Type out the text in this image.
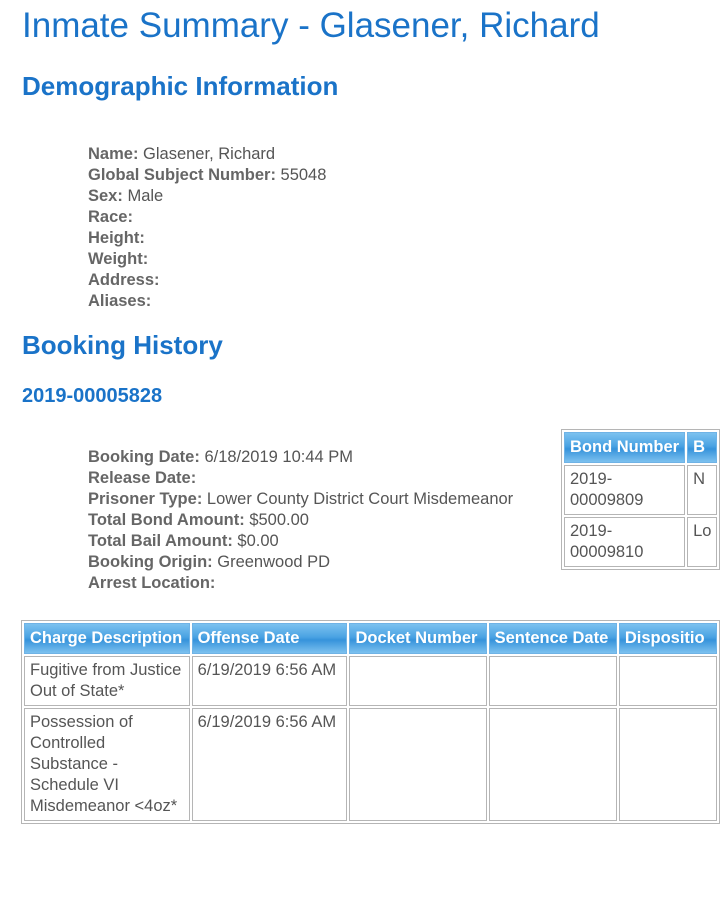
Inmate Summary - Glasener, Richard
Demographic Information
Name: Glasener, Richard
Global Subject Number: 55048
Sex: Male
Race:
Height:
Weight:
Address:
Aliases:
Booking History
2019-00005828
Booking Date: 6/18/2019 10:44 PM
Release Date:
Prisoner Type: Lower County District Court Misdemeanor
Total Bond Amount: $500.00
Total Bail Amount: $0.00
Booking Origin: Greenwood PD
Arrest Location:
Bond Number	B
2019-00009809	N
2019-00009810	Lo
Charge Description	Offense Date	Docket Number	Sentence Date	Dispositio
Fugitive from Justice Out of State*	6/19/2019 6:56 AM			
Possession of Controlled Substance - Schedule VI Misdemeanor <4oz*	6/19/2019 6:56 AM			
